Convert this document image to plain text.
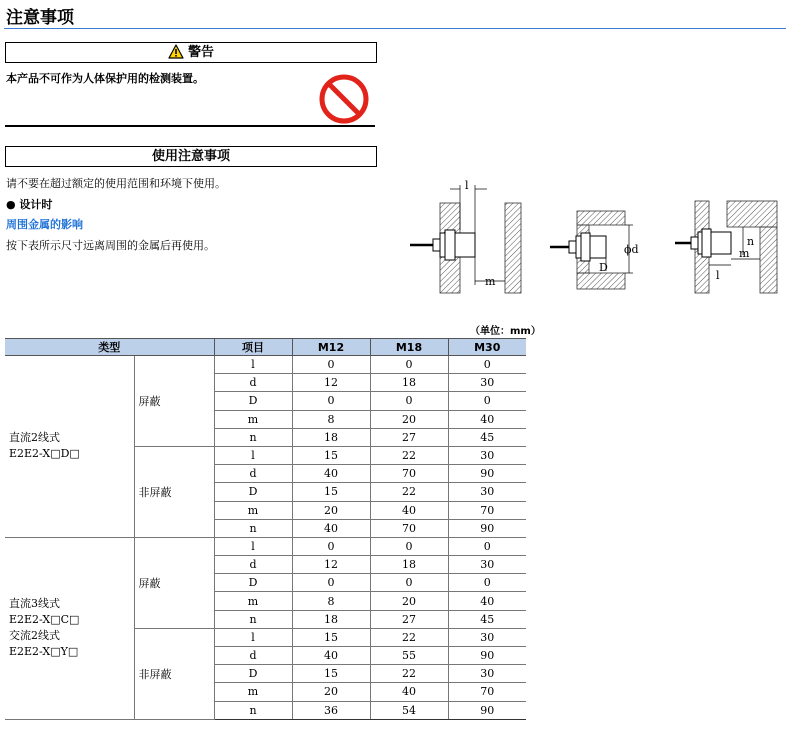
注意事项
警告
本产品不可作为人体保护用的检测装置。
使用注意事项
请不要在超过额定的使用范围和环境下使用。
● 设计时
周围金属的影响
按下表所示尺寸远离周围的金属后再使用。
l
m
ϕd
D
n
m
l
（单位：mm）
类型		项目	M12	M18	M30

直流2线式
E2E2-X□D□	屏蔽	l	0	0	0
		d	12	18	30
		D	0	0	0
		m	8	20	40
		n	18	27	45
	非屏蔽	l	15	22	30
		d	40	70	90
		D	15	22	30
		m	20	40	70
		n	40	70	90

直流3线式
E2E2-X□C□
交流2线式
E2E2-X□Y□	屏蔽	l	0	0	0
		d	12	18	30
		D	0	0	0
		m	8	20	40
		n	18	27	45
	非屏蔽	l	15	22	30
		d	40	55	90
		D	15	22	30
		m	20	40	70
		n	36	54	90
